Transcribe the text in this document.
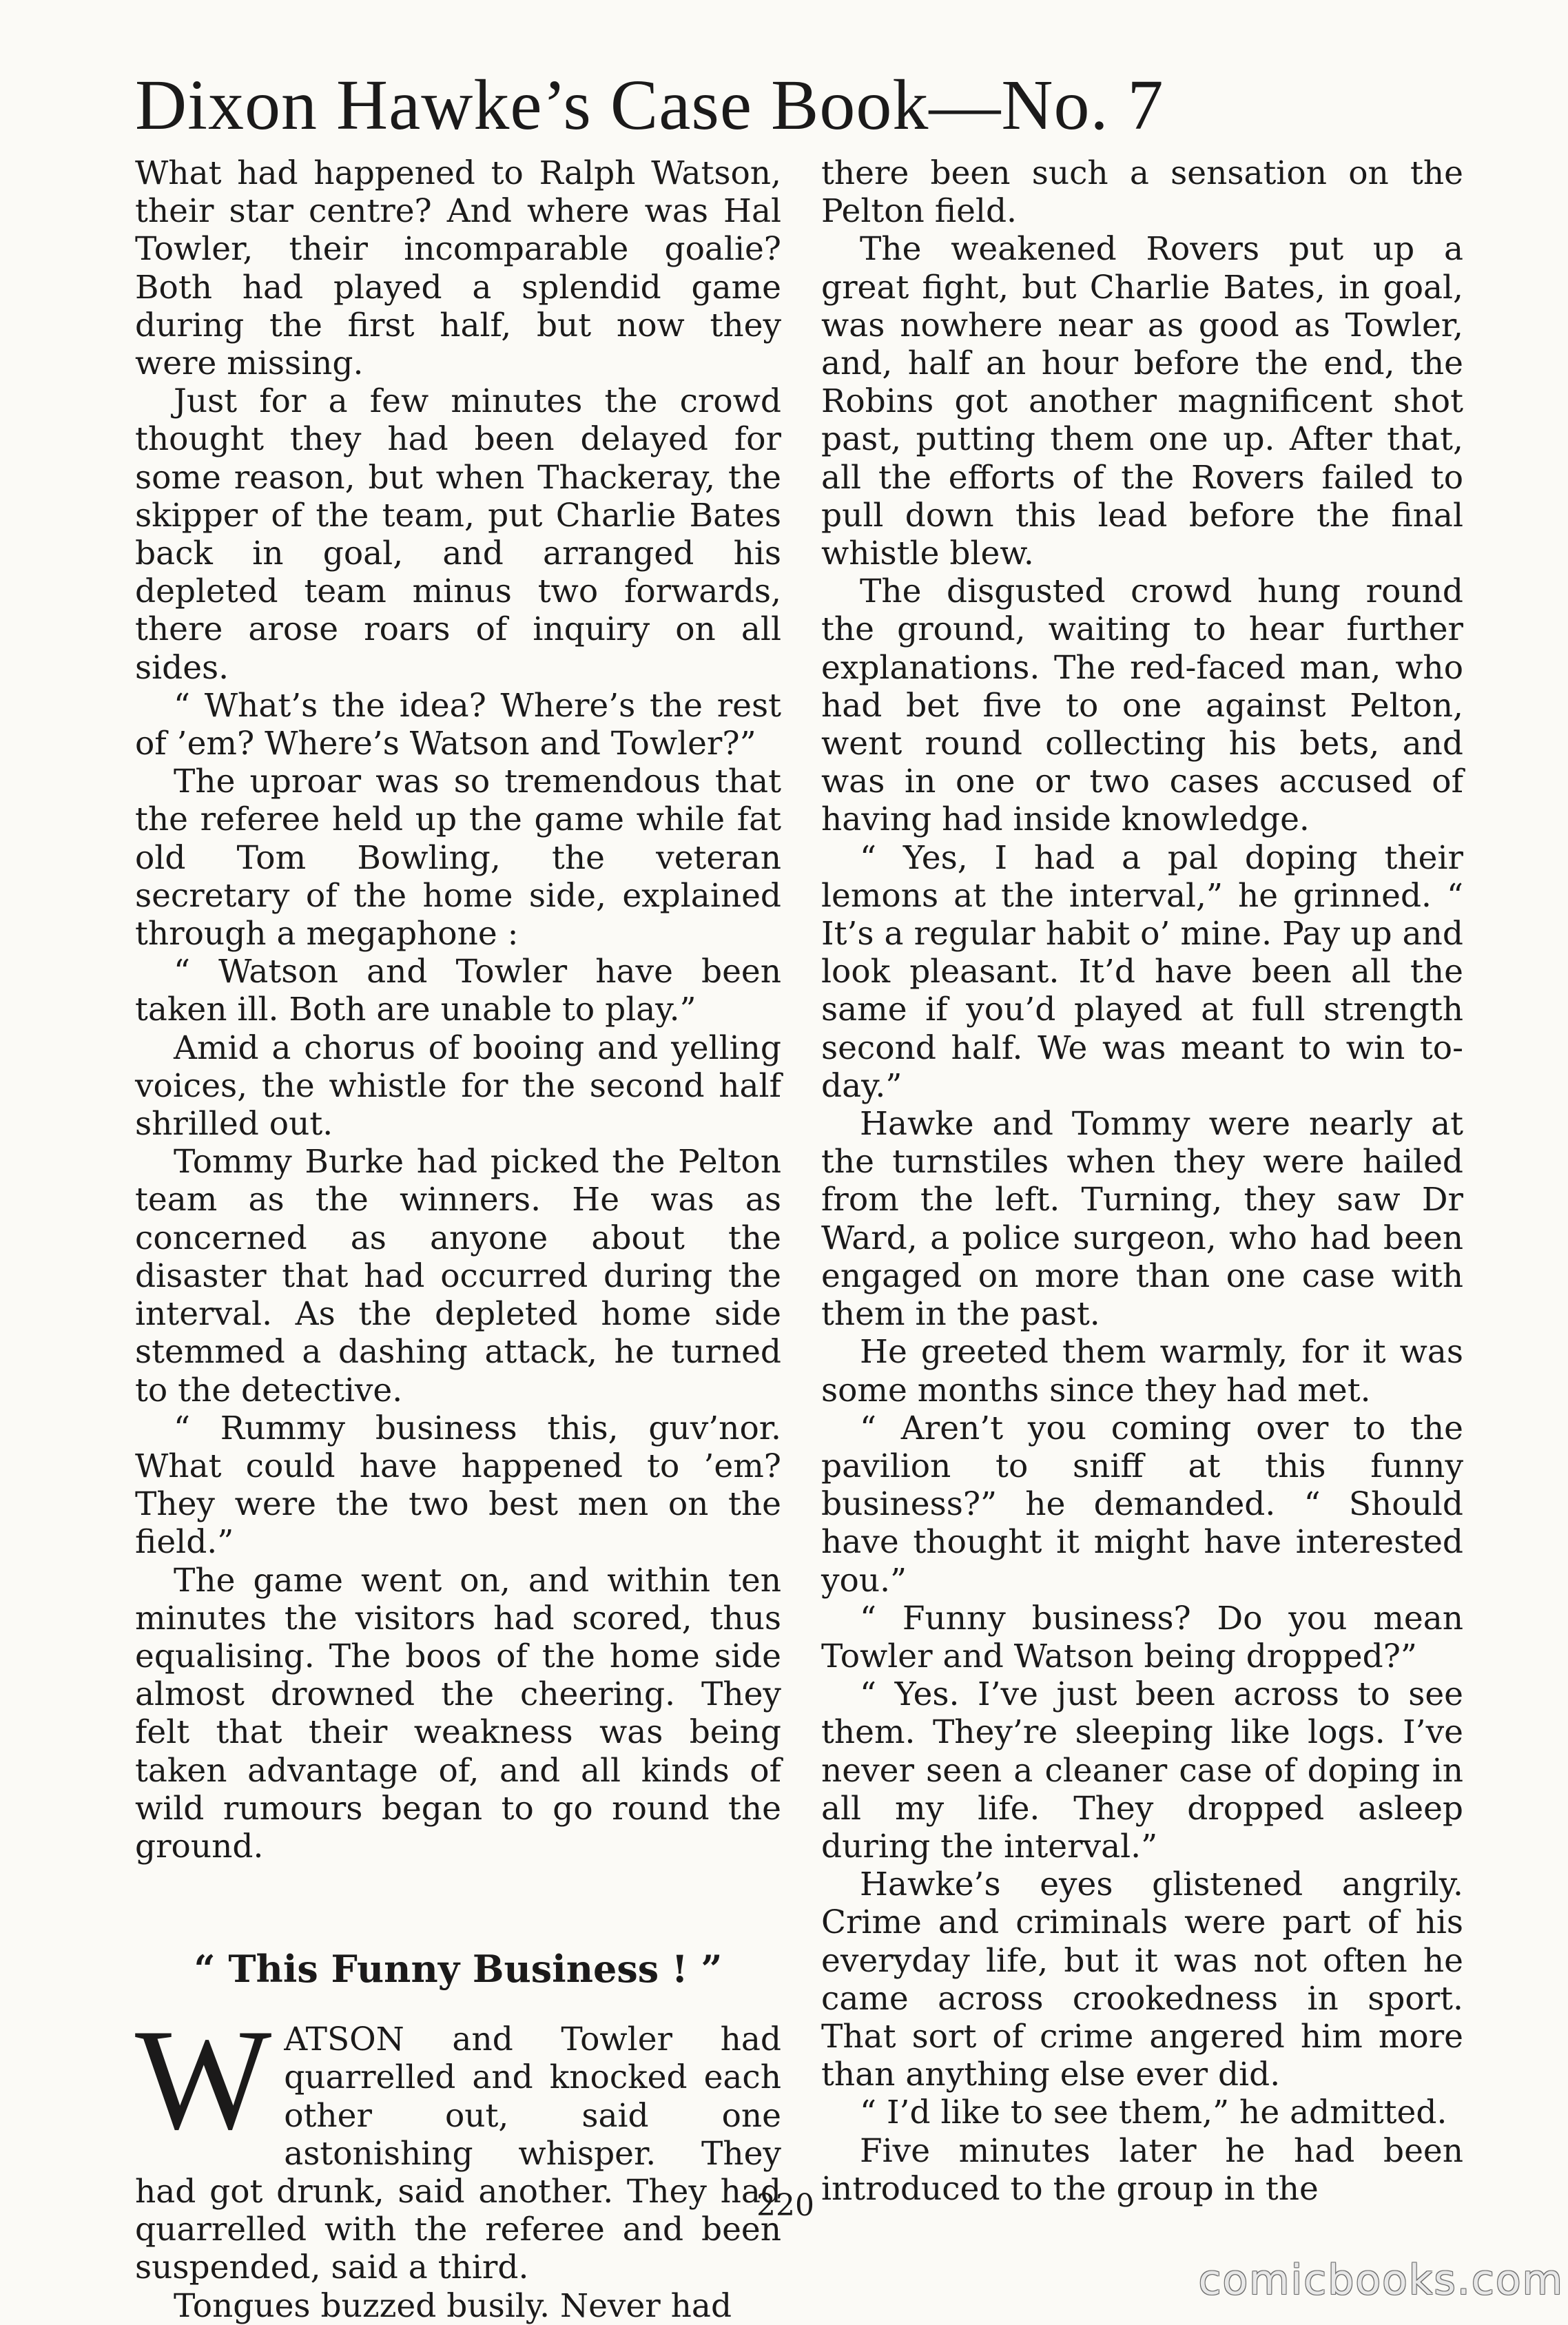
Dixon Hawke’s Case Book—No. 7

What had happened to Ralph Watson, their star centre? And where was Hal Towler, their incomparable goalie? Both had played a splendid game during the first half, but now they were missing.

Just for a few minutes the crowd thought they had been delayed for some reason, but when Thackeray, the skipper of the team, put Charlie Bates back in goal, and arranged his depleted team minus two forwards, there arose roars of inquiry on all sides.

“ What’s the idea? Where’s the rest of ’em? Where’s Watson and Towler?”

The uproar was so tremendous that the referee held up the game while fat old Tom Bowling, the veteran secretary of the home side, explained through a megaphone :

“ Watson and Towler have been taken ill. Both are unable to play.”

Amid a chorus of booing and yelling voices, the whistle for the second half shrilled out.

Tommy Burke had picked the Pelton team as the winners. He was as concerned as anyone about the disaster that had occurred during the interval. As the depleted home side stemmed a dashing attack, he turned to the detective.

“ Rummy business this, guv’nor. What could have happened to ’em? They were the two best men on the field.”

The game went on, and within ten minutes the visitors had scored, thus equalising. The boos of the home side almost drowned the cheering. They felt that their weakness was being taken advantage of, and all kinds of wild rumours began to go round the ground.

“ This Funny Business ! ”

WATSON and Towler had quarrelled and knocked each other out, said one astonishing whisper. They had got drunk, said another. They had quarrelled with the referee and been suspended, said a third.

Tongues buzzed busily. Never had

there been such a sensation on the Pelton field.

The weakened Rovers put up a great fight, but Charlie Bates, in goal, was nowhere near as good as Towler, and, half an hour before the end, the Robins got another magnificent shot past, putting them one up. After that, all the efforts of the Rovers failed to pull down this lead before the final whistle blew.

The disgusted crowd hung round the ground, waiting to hear further explanations. The red-faced man, who had bet five to one against Pelton, went round collecting his bets, and was in one or two cases accused of having had inside knowledge.

“ Yes, I had a pal doping their lemons at the interval,” he grinned. “ It’s a regular habit o’ mine. Pay up and look pleasant. It’d have been all the same if you’d played at full strength second half. We was meant to win to-day.”

Hawke and Tommy were nearly at the turnstiles when they were hailed from the left. Turning, they saw Dr Ward, a police surgeon, who had been engaged on more than one case with them in the past.

He greeted them warmly, for it was some months since they had met.

“ Aren’t you coming over to the pavilion to sniff at this funny business?” he demanded. “ Should have thought it might have interested you.”

“ Funny business? Do you mean Towler and Watson being dropped?”

“ Yes. I’ve just been across to see them. They’re sleeping like logs. I’ve never seen a cleaner case of doping in all my life. They dropped asleep during the interval.”

Hawke’s eyes glistened angrily. Crime and criminals were part of his everyday life, but it was not often he came across crookedness in sport. That sort of crime angered him more than anything else ever did.

“ I’d like to see them,” he admitted.

Five minutes later he had been introduced to the group in the

220
comicbooks.com
